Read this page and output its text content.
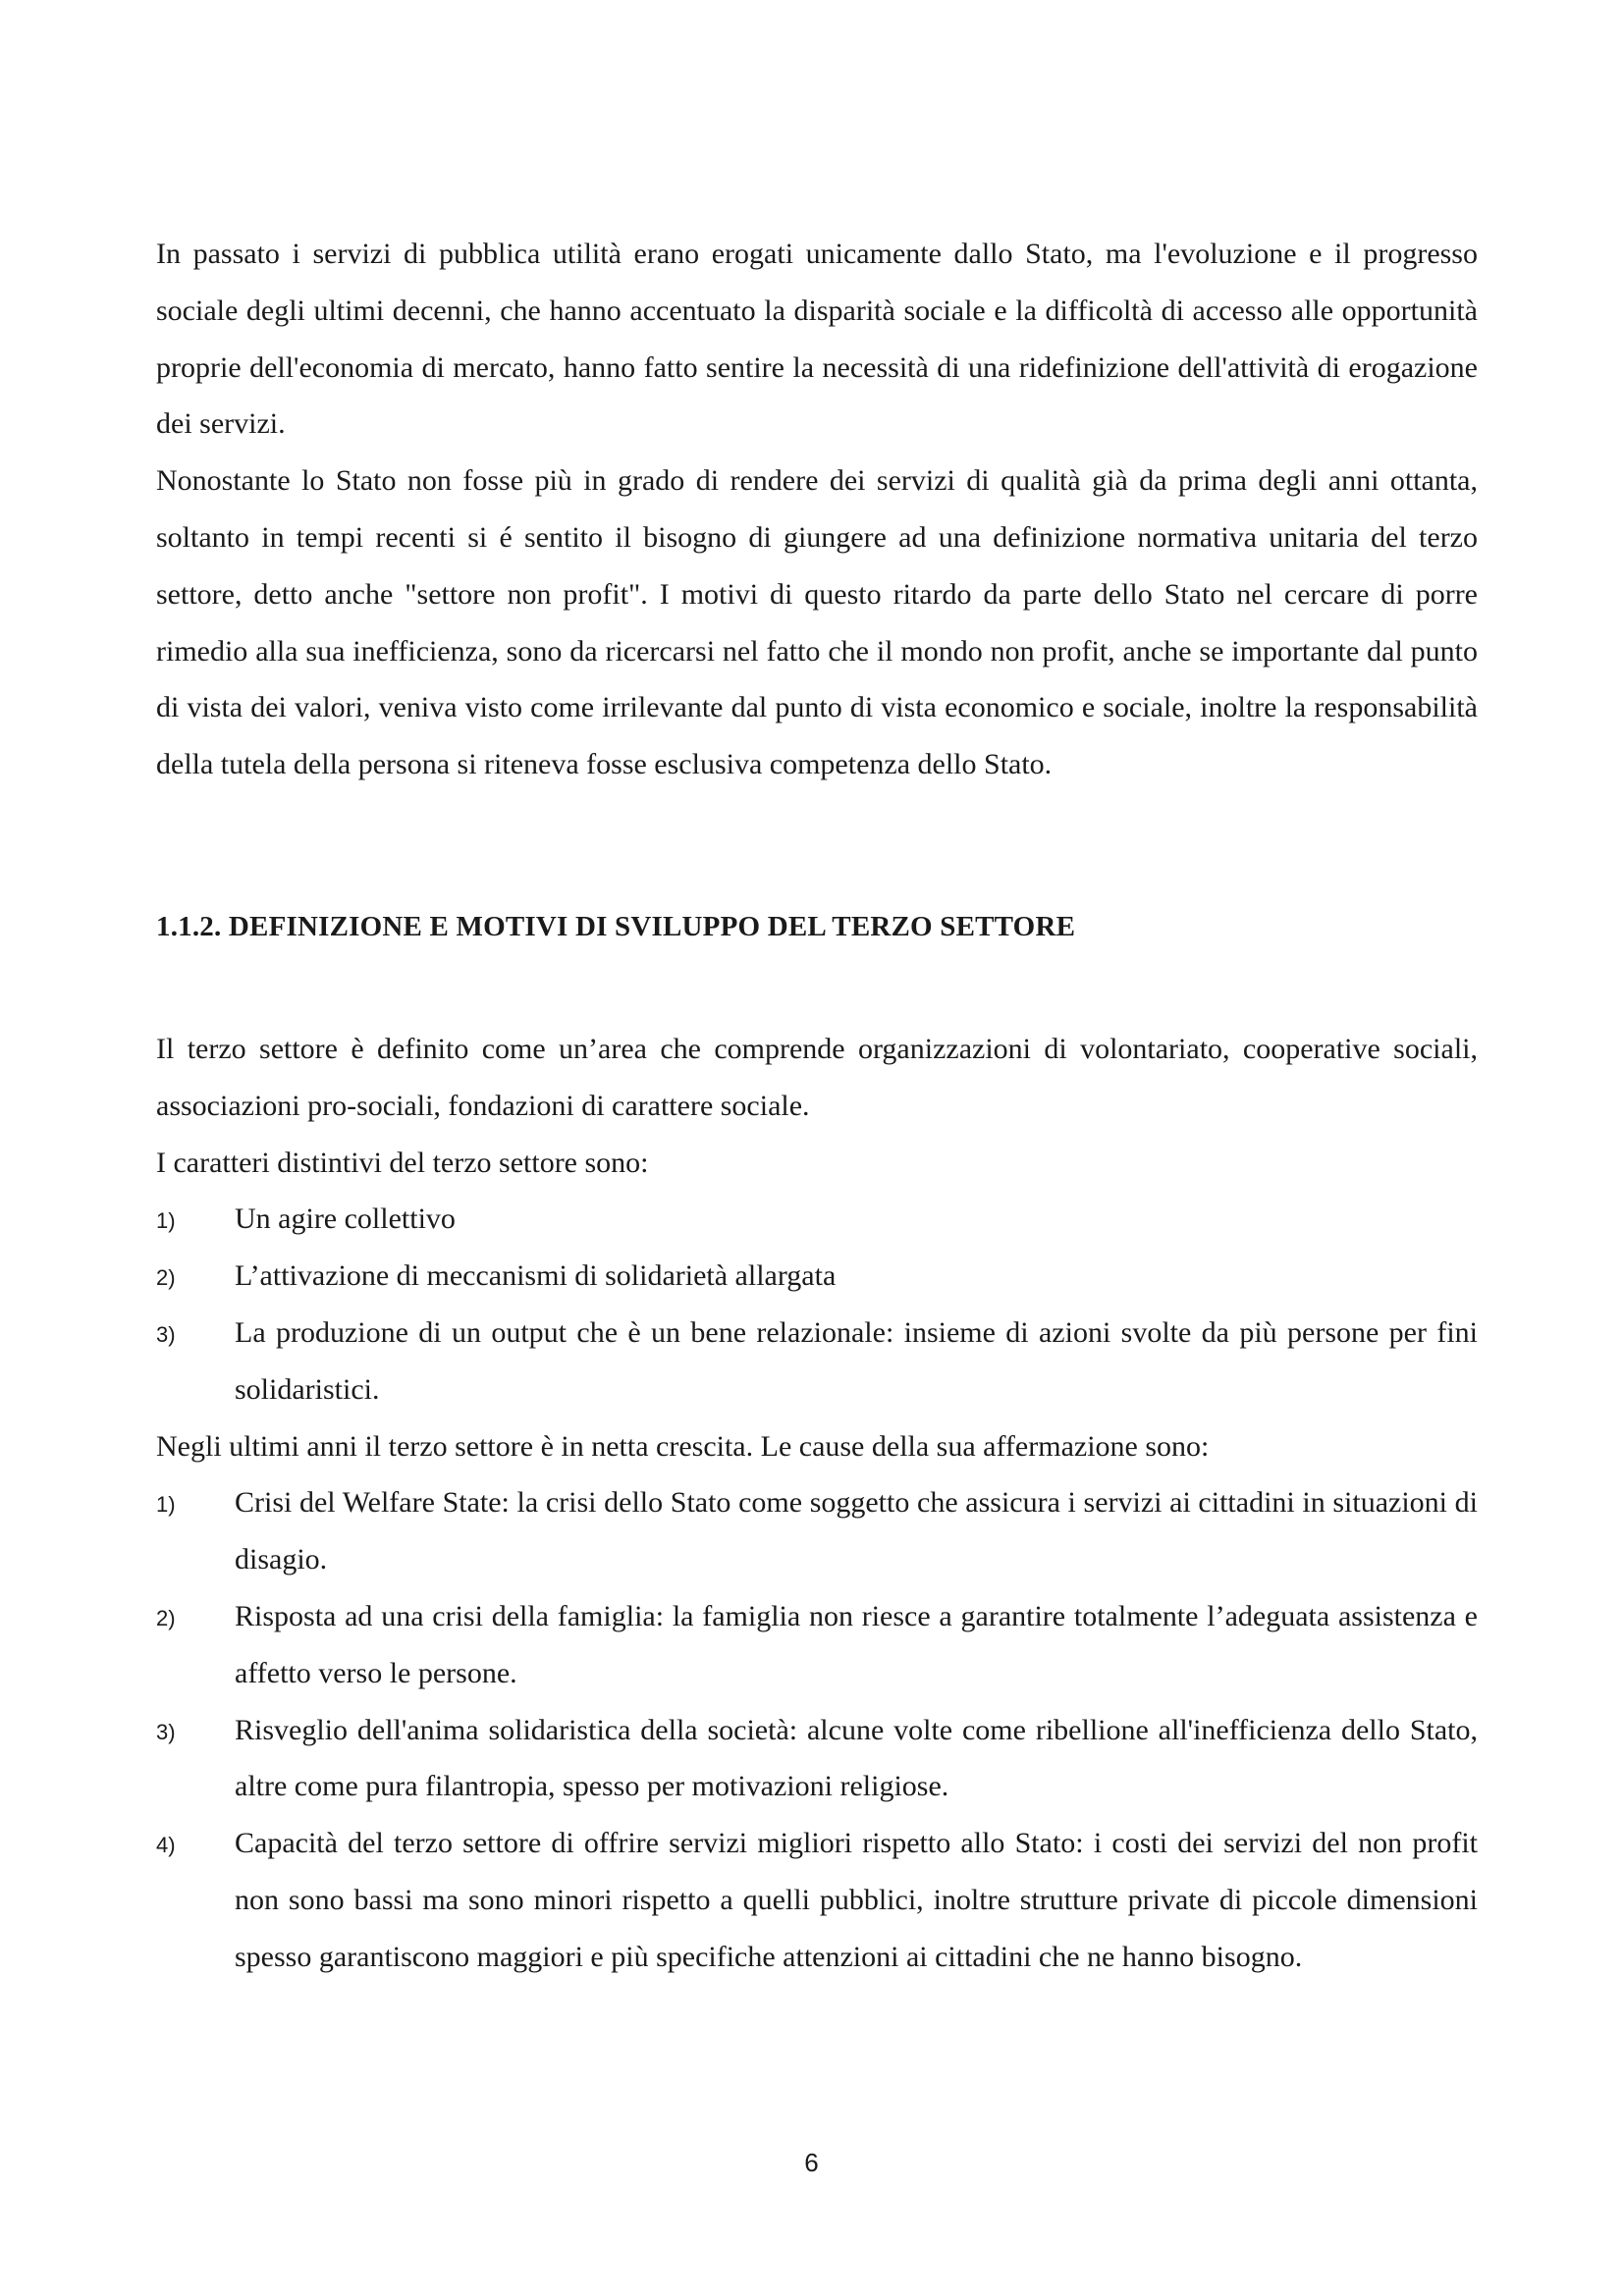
In passato i servizi di pubblica utilità erano erogati unicamente dallo Stato, ma l'evoluzione e il progresso sociale degli ultimi decenni, che hanno accentuato la disparità sociale e la difficoltà di accesso alle opportunità proprie dell'economia di mercato, hanno fatto sentire la necessità di una ridefinizione dell'attività di erogazione dei servizi.

Nonostante lo Stato non fosse più in grado di rendere dei servizi di qualità già da prima degli anni ottanta, soltanto in tempi recenti si é sentito il bisogno di giungere ad una definizione normativa unitaria del terzo settore, detto anche "settore non profit". I motivi di questo ritardo da parte dello Stato nel cercare di porre rimedio alla sua inefficienza, sono da ricercarsi nel fatto che il mondo non profit, anche se importante dal punto di vista dei valori, veniva visto come irrilevante dal punto di vista economico e sociale, inoltre la responsabilità della tutela della persona si riteneva fosse esclusiva competenza dello Stato.

1.1.2. DEFINIZIONE E MOTIVI DI SVILUPPO DEL TERZO SETTORE

Il terzo settore è definito come un’area che comprende organizzazioni di volontariato, cooperative sociali, associazioni pro-sociali, fondazioni di carattere sociale.

I caratteri distintivi del terzo settore sono:

1) Un agire collettivo
2) L’attivazione di meccanismi di solidarietà allargata
3) La produzione di un output che è un bene relazionale: insieme di azioni svolte da più persone per fini solidaristici.

Negli ultimi anni il terzo settore è in netta crescita. Le cause della sua affermazione sono:

1) Crisi del Welfare State: la crisi dello Stato come soggetto che assicura i servizi ai cittadini in situazioni di disagio.
2) Risposta ad una crisi della famiglia: la famiglia non riesce a garantire totalmente l’adeguata assistenza e affetto verso le persone.
3) Risveglio dell'anima solidaristica della società: alcune volte come ribellione all'inefficienza dello Stato, altre come pura filantropia, spesso per motivazioni religiose.
4) Capacità del terzo settore di offrire servizi migliori rispetto allo Stato: i costi dei servizi del non profit non sono bassi ma sono minori rispetto a quelli pubblici, inoltre strutture private di piccole dimensioni spesso garantiscono maggiori e più specifiche attenzioni ai cittadini che ne hanno bisogno.
6
